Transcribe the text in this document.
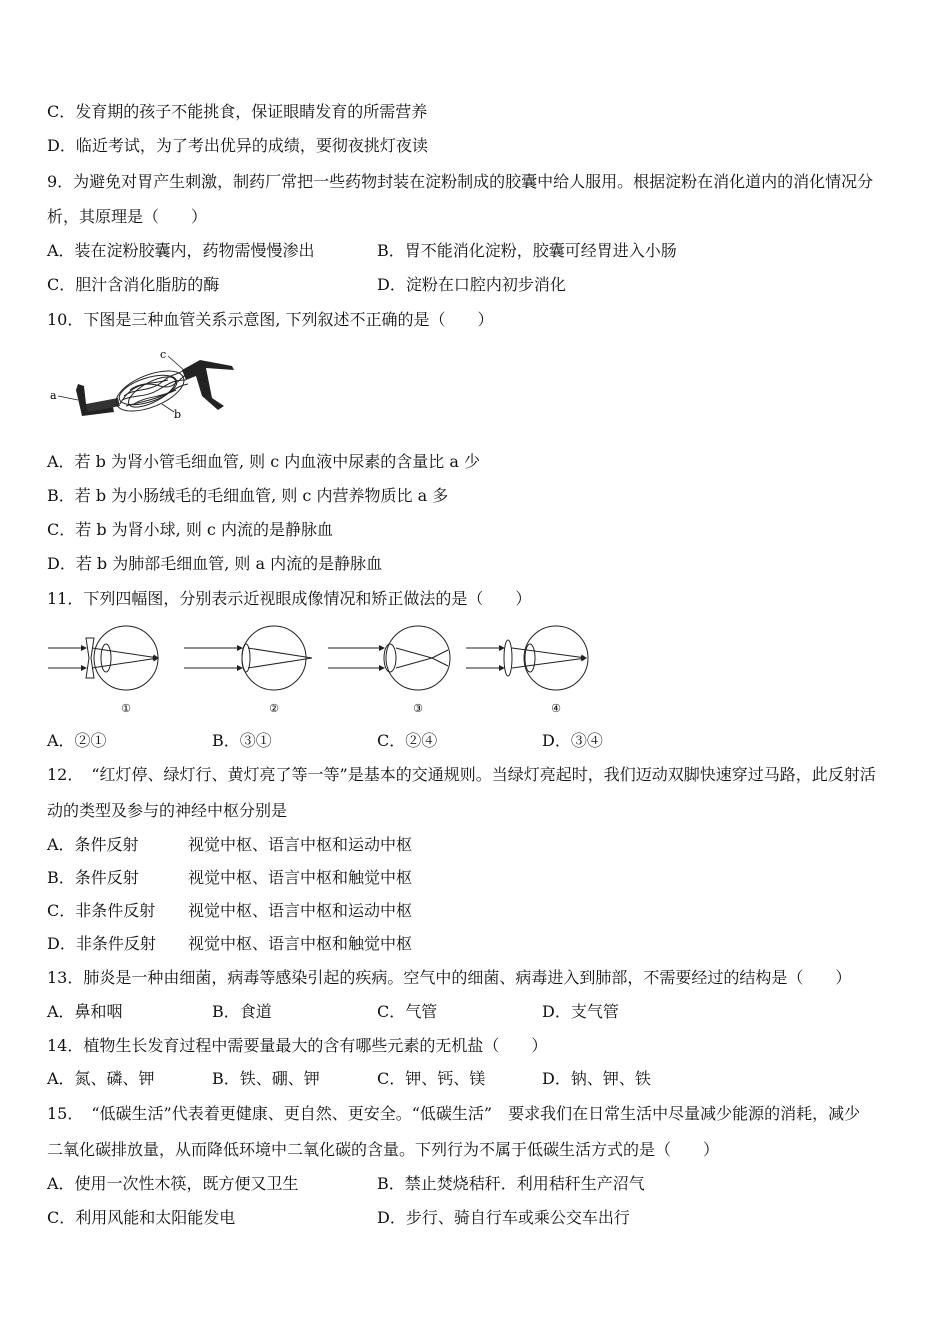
C．发育期的孩子不能挑食，保证眼睛发育的所需营养
D．临近考试，为了考出优异的成绩，要彻夜挑灯夜读
9．为避免对胃产生刺激，制药厂常把一些药物封装在淀粉制成的胶囊中给人服用。根据淀粉在消化道内的消化情况分
析，其原理是（　　）
A．装在淀粉胶囊内，药物需慢慢渗出	B．胃不能消化淀粉，胶囊可经胃进入小肠
C．胆汁含消化脂肪的酶	D．淀粉在口腔内初步消化
10．下图是三种血管关系示意图, 下列叙述不正确的是（　　）
a
c
b
A．若 b 为肾小管毛细血管, 则 c 内血液中尿素的含量比 a 少
B．若 b 为小肠绒毛的毛细血管, 则 c 内营养物质比 a 多
C．若 b 为肾小球, 则 c 内流的是静脉血
D．若 b 为肺部毛细血管, 则 a 内流的是静脉血
11．下列四幅图，分别表示近视眼成像情况和矫正做法的是（　　）
①	②	③	④
A．②①	B．③①	C．②④	D．③④
12．　“红灯停、绿灯行、黄灯亮了等一等”是基本的交通规则。当绿灯亮起时，我们迈动双脚快速穿过马路，此反射活
动的类型及参与的神经中枢分别是
A．条件反射	视觉中枢、语言中枢和运动中枢
B．条件反射	视觉中枢、语言中枢和触觉中枢
C．非条件反射 视觉中枢、语言中枢和运动中枢
D．非条件反射 视觉中枢、语言中枢和触觉中枢
13．肺炎是一种由细菌，病毒等感染引起的疾病。空气中的细菌、病毒进入到肺部，不需要经过的结构是（　　）
A．鼻和咽	B．食道	C．气管	D．支气管
14．植物生长发育过程中需要量最大的含有哪些元素的无机盐（　　）
A．氮、磷、钾	B．铁、硼、钾	C．钾、钙、镁	D．钠、钾、铁
15．　“低碳生活”代表着更健康、更自然、更安全。“低碳生活”　要求我们在日常生活中尽量减少能源的消耗，减少
二氧化碳排放量，从而降低环境中二氧化碳的含量。下列行为不属于低碳生活方式的是（　　）
A．使用一次性木筷，既方便又卫生	B．禁止焚烧秸秆．利用秸秆生产沼气
C．利用风能和太阳能发电	D．步行、骑自行车或乘公交车出行
